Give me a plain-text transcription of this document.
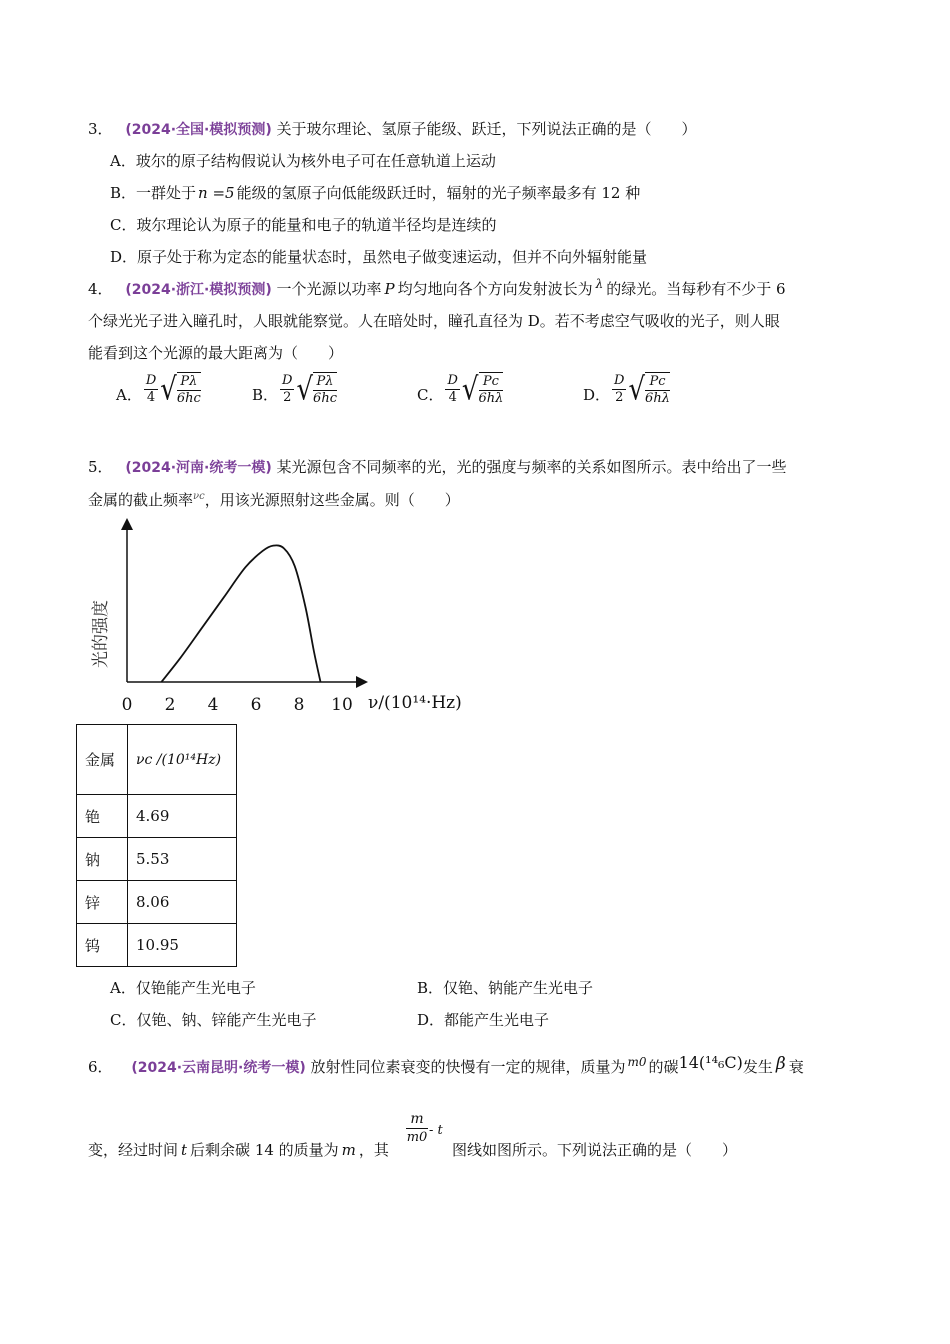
3． (2024·全国·模拟预测) 关于玻尔理论、氢原子能级、跃迁，下列说法正确的是（　　）
A．玻尔的原子结构假说认为核外电子可在任意轨道上运动
B．一群处于 n =5 能级的氢原子向低能级跃迁时，辐射的光子频率最多有 12 种
C．玻尔理论认为原子的能量和电子的轨道半径均是连续的
D．原子处于称为定态的能量状态时，虽然电子做变速运动，但并不向外辐射能量
4． (2024·浙江·模拟预测) 一个光源以功率 P 均匀地向各个方向发射波长为 $^\lambda$ 的绿光。当每秒有不少于 6
个绿光光子进入瞳孔时，人眼就能察觉。人在暗处时，瞳孔直径为 D。若不考虑空气吸收的光子，则人眼
能看到这个光源的最大距离为（　　）
A． $\frac{D}{4}$ √ $\frac{P\lambda}{6hc}$	B． $\frac{D}{2}$ √ $\frac{P\lambda}{6hc}$	C． $\frac{D}{4}$ √ $\frac{Pc}{6h\lambda}$	D． $\frac{D}{2}$ √ $\frac{Pc}{6h\lambda}$
5． (2024·河南·统考一模) 某光源包含不同频率的光，光的强度与频率的关系如图所示。表中给出了一些
金属的截止频率$^{\nu c}$，用该光源照射这些金属。则（　　）
光的强度
0 2 4 6 8 10 ν/(10¹⁴·Hz)
金属	νc /(10¹⁴Hz)
铯	4.69
钠	5.53
锌	8.06
钨	10.95
A．仅铯能产生光电子	B．仅铯、钠能产生光电子
C．仅铯、钠、锌能产生光电子	D．都能产生光电子
6． (2024·云南昆明·统考一模) 放射性同位素衰变的快慢有一定的规律，质量为 $^{m0}$ 的碳14(¹⁴₆C)发生 β 衰
变，经过时间 t 后剩余碳 14 的质量为 m ，其
$\frac{m}{m0}$ - t
图线如图所示。下列说法正确的是（　　）
